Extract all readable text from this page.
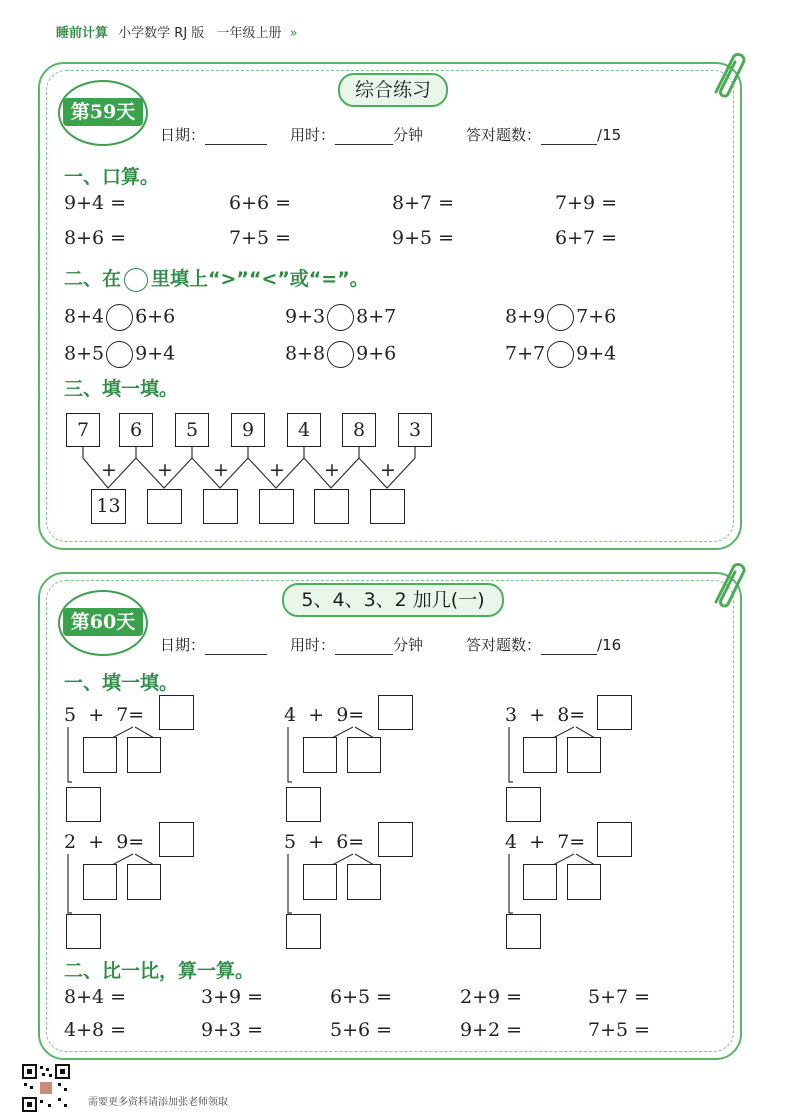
睡前计算 小学数学 RJ 版 一年级上册 »
综合练习
第59天
日期：	用时：	分钟	答对题数：	/15
一、口算。
9+4 =	6+6 =	8+7 =	7+9 =
8+6 =	7+5 =	9+5 =	6+7 =
二、在 里填上“>”“<”或“=”。
8+4 6+6	9+3 8+7	8+9 7+6
8+5 9+4	8+8 9+6	7+7 9+4
三、填一填。
7	6	5	9	4	8	3
+ + + + + +
13
5、4、3、2 加几(一)
第60天
日期：	用时：	分钟	答对题数：	/16
一、填一填。
5 + 7=	4 + 9=	3 + 8=
2 + 9=	5 + 6=	4 + 7=
二、比一比，算一算。
8+4 =	3+9 =	6+5 =	2+9 =	5+7 =
4+8 =	9+3 =	5+6 =	9+2 =	7+5 =
需要更多资料请添加张老师领取
